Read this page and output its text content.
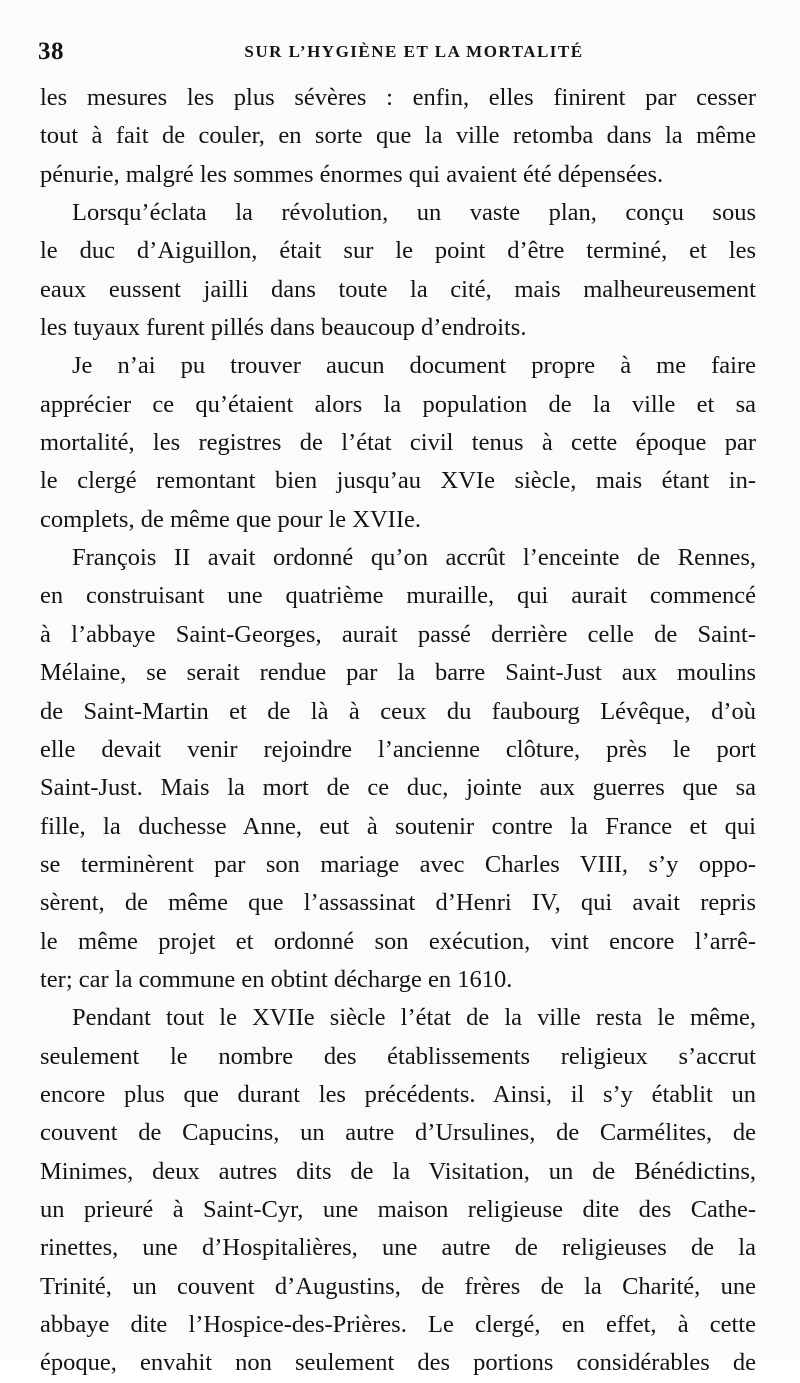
38	SUR L’HYGIÈNE ET LA MORTALITÉ
les mesures les plus sévères : enfin, elles finirent par cesser
tout à fait de couler, en sorte que la ville retomba dans la même
pénurie, malgré les sommes énormes qui avaient été dépensées.
Lorsqu’éclata la révolution, un vaste plan, conçu sous
le duc d’Aiguillon, était sur le point d’être terminé, et les
eaux eussent jailli dans toute la cité, mais malheureusement
les tuyaux furent pillés dans beaucoup d’endroits.
Je n’ai pu trouver aucun document propre à me faire
apprécier ce qu’étaient alors la population de la ville et sa
mortalité, les registres de l’état civil tenus à cette époque par
le clergé remontant bien jusqu’au XVIe siècle, mais étant in-
complets, de même que pour le XVIIe.
François II avait ordonné qu’on accrût l’enceinte de Rennes,
en construisant une quatrième muraille, qui aurait commencé
à l’abbaye Saint-Georges, aurait passé derrière celle de Saint-
Mélaine, se serait rendue par la barre Saint-Just aux moulins
de Saint-Martin et de là à ceux du faubourg Lévêque, d’où
elle devait venir rejoindre l’ancienne clôture, près le port
Saint-Just. Mais la mort de ce duc, jointe aux guerres que sa
fille, la duchesse Anne, eut à soutenir contre la France et qui
se terminèrent par son mariage avec Charles VIII, s’y oppo-
sèrent, de même que l’assassinat d’Henri IV, qui avait repris
le même projet et ordonné son exécution, vint encore l’arrê-
ter; car la commune en obtint décharge en 1610.
Pendant tout le XVIIe siècle l’état de la ville resta le même,
seulement le nombre des établissements religieux s’accrut
encore plus que durant les précédents. Ainsi, il s’y établit un
couvent de Capucins, un autre d’Ursulines, de Carmélites, de
Minimes, deux autres dits de la Visitation, un de Bénédictins,
un prieuré à Saint-Cyr, une maison religieuse dite des Cathe-
rinettes, une d’Hospitalières, une autre de religieuses de la
Trinité, un couvent d’Augustins, de frères de la Charité, une
abbaye dite l’Hospice-des-Prières. Le clergé, en effet, à cette
époque, envahit non seulement des portions considérables de
